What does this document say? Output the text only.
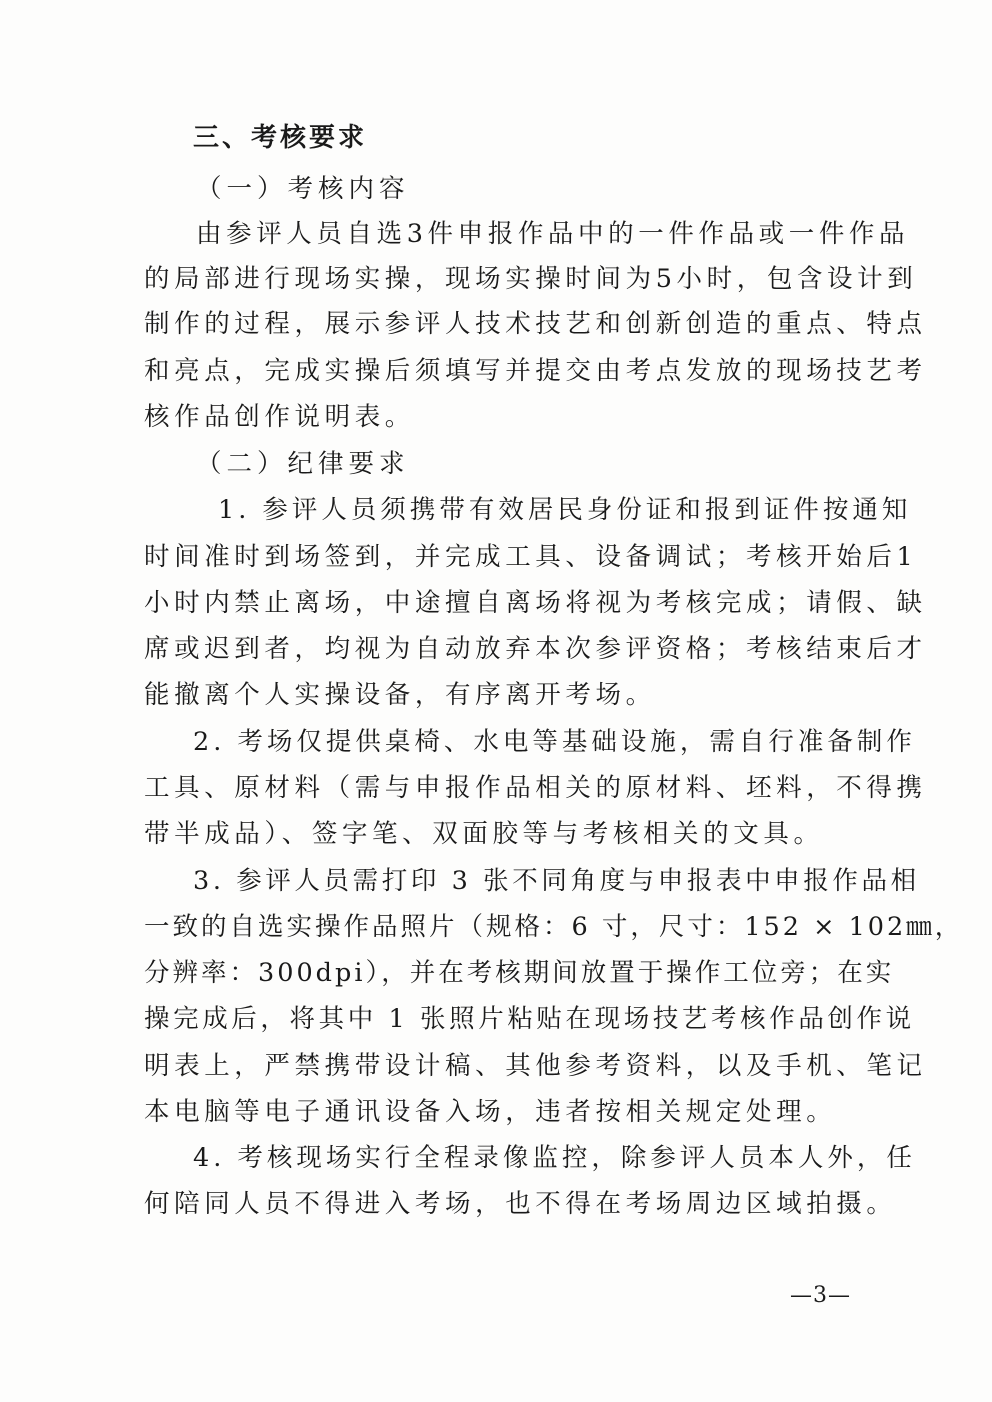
三、考核要求
（一）考核内容
由参评人员自选3件申报作品中的一件作品或一件作品
的局部进行现场实操，现场实操时间为5小时，包含设计到
制作的过程，展示参评人技术技艺和创新创造的重点、特点
和亮点，完成实操后须填写并提交由考点发放的现场技艺考
核作品创作说明表。
（二）纪律要求
1. 参评人员须携带有效居民身份证和报到证件按通知
时间准时到场签到，并完成工具、设备调试；考核开始后1
小时内禁止离场，中途擅自离场将视为考核完成；请假、缺
席或迟到者，均视为自动放弃本次参评资格；考核结束后才
能撤离个人实操设备，有序离开考场。
2. 考场仅提供桌椅、水电等基础设施，需自行准备制作
工具、原材料（需与申报作品相关的原材料、坯料，不得携
带半成品）、签字笔、双面胶等与考核相关的文具。
3. 参评人员需打印 3 张不同角度与申报表中申报作品相
一致的自选实操作品照片（规格：6 寸，尺寸：152 × 102㎜，
分辨率：300dpi），并在考核期间放置于操作工位旁；在实
操完成后，将其中 1 张照片粘贴在现场技艺考核作品创作说
明表上，严禁携带设计稿、其他参考资料，以及手机、笔记
本电脑等电子通讯设备入场，违者按相关规定处理。
4. 考核现场实行全程录像监控，除参评人员本人外，任
何陪同人员不得进入考场，也不得在考场周边区域拍摄。
—3—
